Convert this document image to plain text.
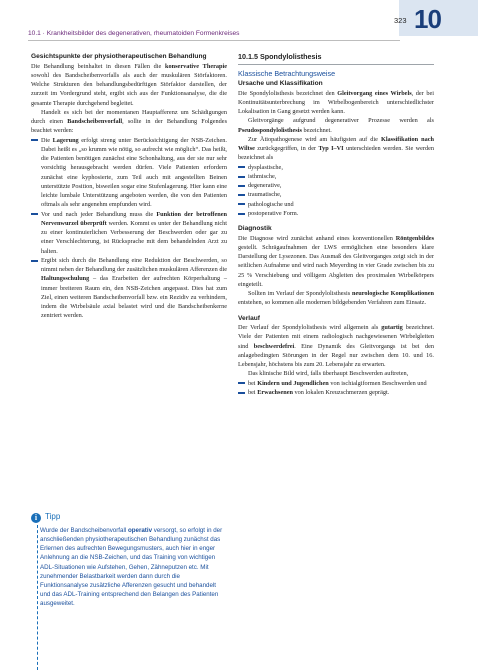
323 10
10.1 · Krankheitsbilder des degenerativen, rheumatoiden Formenkreises
Gesichtspunkte der physiotherapeutischen Behandlung

Die Behandlung beinhaltet in diesen Fällen die konservative Therapie sowohl des Bandscheibenvorfalls als auch der muskulären Störfaktoren. Welche Strukturen den behandlungsbedürftigen Störfaktor darstellen, der zurzeit im Vordergrund steht, ergibt sich aus der Funktionsanalyse, die die gesamte Therapie durchgehend begleitet.

Handelt es sich bei der momentanen Hauptafferenz um Schädigungen durch einen Bandscheibenvorfall, sollte in der Behandlung Folgendes beachtet werden:

Die Lagerung erfolgt streng unter Berücksichtigung der NSB-Zeichen. Dabei heißt es „so krumm wie nötig, so aufrecht wie möglich“. Das heißt, die Patienten benötigen zunächst eine Schonhaltung, aus der sie nur sehr vorsichtig herausgebracht werden dürfen. Viele Patienten erfordern zunächst eine kyphosierte, zum Teil auch mit angestellten Beinen unterstützte Position, bisweilen sogar eine Stufenlagerung. Hier kann eine leichte lumbale Unterstützung angeboten werden, die von den Patienten oftmals als sehr angenehm empfunden wird.
Vor und nach jeder Behandlung muss die Funktion der betroffenen Nervenwurzel überprüft werden. Kommt es unter der Behandlung nicht zu einer kontinuierlichen Verbesserung der Beschwerden oder gar zu einer Verschlechterung, ist Rücksprache mit dem behandelnden Arzt zu halten.
Ergibt sich durch die Behandlung eine Reduktion der Beschwerden, so nimmt neben der Behandlung der zusätzlichen muskulären Afferenzen die Haltungsschulung – das Erarbeiten der aufrechten Körperhaltung – immer breiteren Raum ein, den NSB-Zeichen angepasst. Dies hat zum Ziel, einen weiteren Bandscheibenvorfall bzw. ein Rezidiv zu verhindern, indem die Wirbelsäule axial belastet wird und die Bandscheibenkerne zentriert werden.
i Tipp

Wurde der Bandscheibenvorfall operativ versorgt, so erfolgt in der anschließenden physiotherapeutischen Behandlung zunächst das Erlernen des aufrechten Bewegungsmusters, auch hier in enger Anlehnung an die NSB-Zeichen, und das Training von wichtigen ADL-Situationen wie Aufstehen, Gehen, Zähneputzen etc. Mit zunehmender Belastbarkeit werden dann durch die Funktionsanalyse zusätzliche Afferenzen gesucht und behandelt und das ADL-Training entsprechend den Belangen des Patienten ausgeweitet.

10.1.5 Spondylolisthesis
Klassische Betrachtungsweise
Ursache und Klassifikation

Die Spondylolisthesis bezeichnet den Gleitvorgang eines Wirbels, der bei Kontinuitätsunterbrechung im Wirbelbogenbereich unterschiedlichster Lokalisation in Gang gesetzt werden kann.

Gleitvorgänge aufgrund degenerativer Prozesse werden als Pseudospondylolisthesis bezeichnet.

Zur Ätiopathogenese wird am häufigsten auf die Klassifikation nach Wiltse zurückgegriffen, in der Typ I–VI unterschieden werden. Sie werden bezeichnet als

dysplastische,
isthmische,
degenerative,
traumatische,
pathologische und
postoperative Form.
Diagnostik

Die Diagnose wird zunächst anhand eines konventionellen Röntgenbildes gestellt. Schrägaufnahmen der LWS ermöglichen eine besonders klare Darstellung der Lysezonen. Das Ausmaß des Gleitvorganges zeigt sich in der seitlichen Aufnahme und wird nach Meyerding in vier Grade zwischen bis zu 25 % Verschiebung und völligem Abgleiten des proximalen Wirbelkörpers eingeteilt.

Sollten im Verlauf der Spondylolisthesis neurologische Komplikationen entstehen, so kommen alle modernen bildgebenden Verfahren zum Einsatz.

Verlauf

Der Verlauf der Spondylolisthesis wird allgemein als gutartig bezeichnet. Viele der Patienten mit einem radiologisch nachgewiesenen Wirbelgleiten sind beschwerdefrei. Eine Dynamik des Gleitvorgangs ist bei den anlagebedingten Störungen in der Regel nur zwischen dem 10. und 16. Lebensjahr, höchstens bis zum 20. Lebensjahr zu erwarten.

Das klinische Bild wird, falls überhaupt Beschwerden auftreten,

bei Kindern und Jugendlichen von ischialgiformen Beschwerden und
bei Erwachsenen von lokalen Kreuzschmerzen geprägt.
